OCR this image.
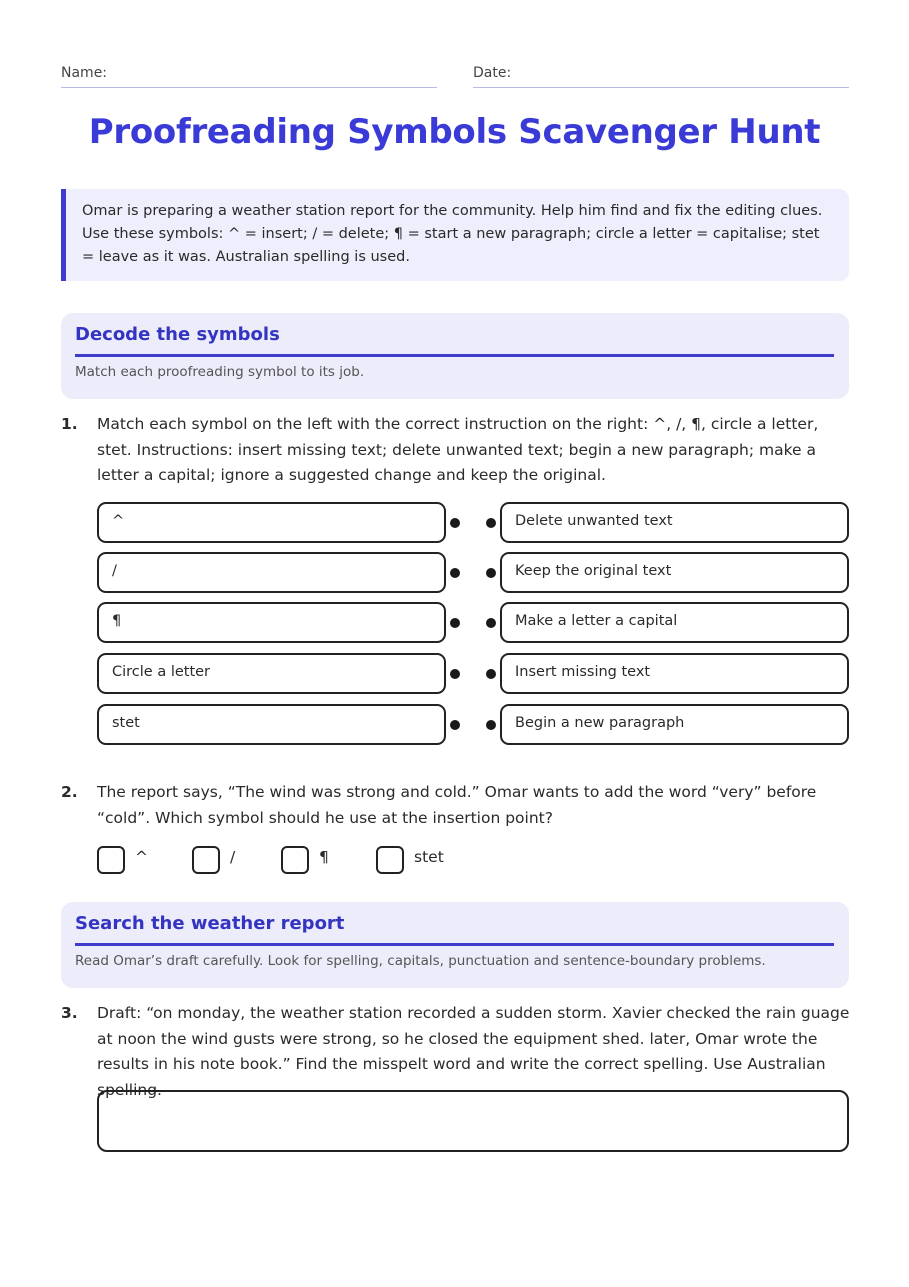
Name:	Date:
Proofreading Symbols Scavenger Hunt
Omar is preparing a weather station report for the community. Help him find and fix the editing clues. Use these symbols: ^ = insert; / = delete; ¶ = start a new paragraph; circle a letter = capitalise; stet = leave as it was. Australian spelling is used.
Decode the symbols

Match each proofreading symbol to its job.

1.	Match each symbol on the left with the correct instruction on the right: ^, /, ¶, circle a letter, stet. Instructions: insert missing text; delete unwanted text; begin a new paragraph; make a letter a capital; ignore a suggested change and keep the original.
^	Delete unwanted text
/	Keep the original text
¶	Make a letter a capital
Circle a letter	Insert missing text
stet	Begin a new paragraph
2.	The report says, “The wind was strong and cold.” Omar wants to add the word “very” before “cold”. Which symbol should he use at the insertion point?
^	/	¶	stet
Search the weather report

Read Omar’s draft carefully. Look for spelling, capitals, punctuation and sentence-boundary problems.

3.	Draft: “on monday, the weather station recorded a sudden storm. Xavier checked the rain guage at noon the wind gusts were strong, so he closed the equipment shed. later, Omar wrote the results in his note book.” Find the misspelt word and write the correct spelling. Use Australian spelling.
